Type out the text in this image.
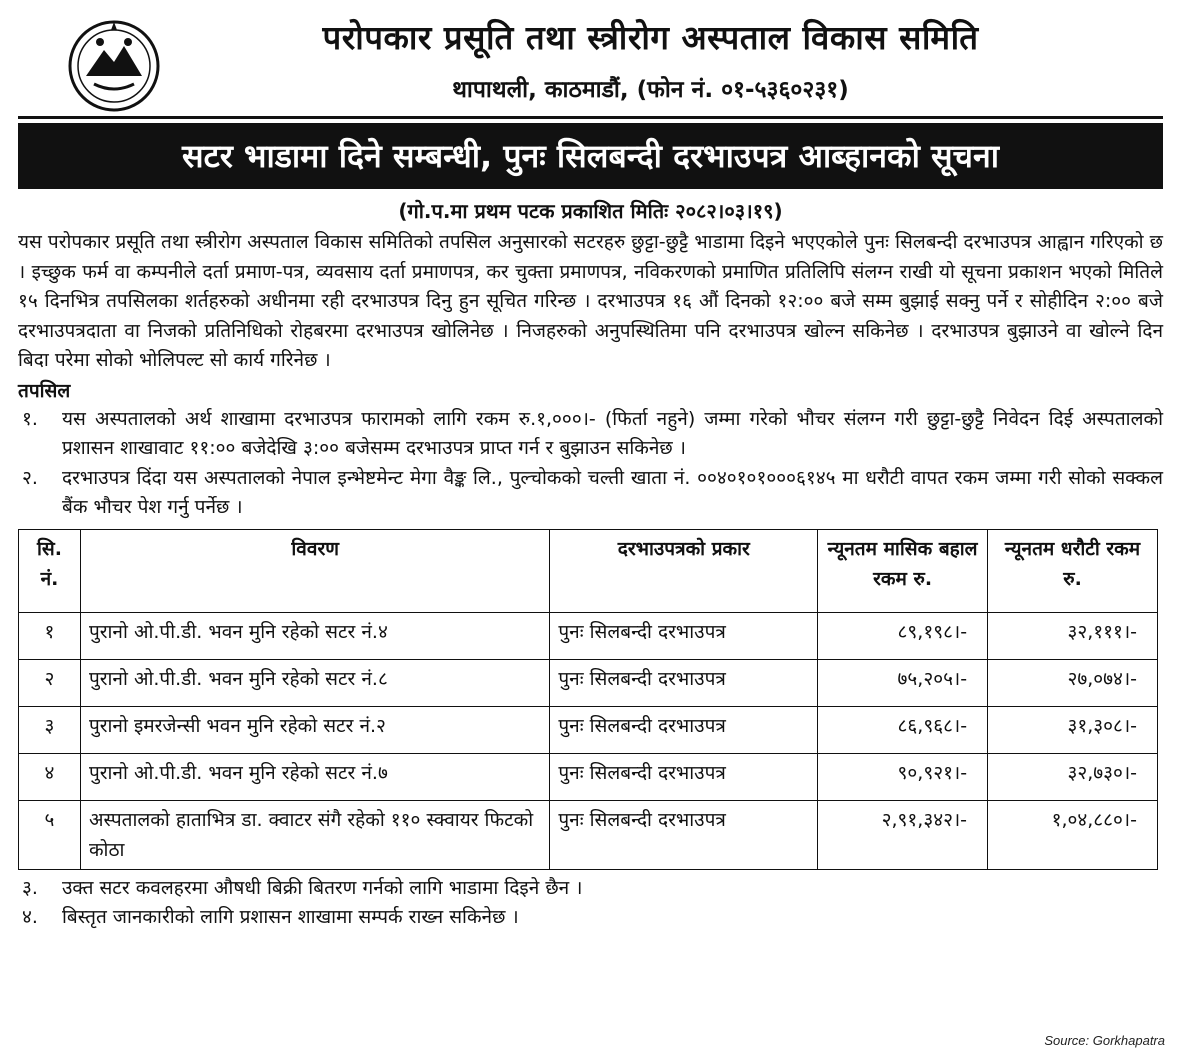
परोपकार प्रसूति तथा स्त्रीरोग अस्पताल विकास समिति
थापाथली, काठमाडौं, (फोन नं. ०१-५३६०२३१)
सटर भाडामा दिने सम्बन्धी, पुनः सिलबन्दी दरभाउपत्र आब्हानको सूचना
(गो.प.मा प्रथम पटक प्रकाशित मितिः २०८२।०३।१९)
यस परोपकार प्रसूति तथा स्त्रीरोग अस्पताल विकास समितिको तपसिल अनुसारको सटरहरु छुट्टा-छुट्टै भाडामा दिइने भएएकोले पुनः सिलबन्दी दरभाउपत्र आह्वान गरिएको छ । इच्छुक फर्म वा कम्पनीले दर्ता प्रमाण-पत्र, व्यवसाय दर्ता प्रमाणपत्र, कर चुक्ता प्रमाणपत्र, नविकरणको प्रमाणित प्रतिलिपि संलग्न राखी यो सूचना प्रकाशन भएको मितिले १५ दिनभित्र तपसिलका शर्तहरुको अधीनमा रही दरभाउपत्र दिनु हुन सूचित गरिन्छ । दरभाउपत्र १६ औं दिनको १२:०० बजे सम्म बुझाई सक्नु पर्ने र सोहीदिन २:०० बजे दरभाउपत्रदाता वा निजको प्रतिनिधिको रोहबरमा दरभाउपत्र खोलिनेछ । निजहरुको अनुपस्थितिमा पनि दरभाउपत्र खोल्न सकिनेछ । दरभाउपत्र बुझाउने वा खोल्ने दिन बिदा परेमा सोको भोलिपल्ट सो कार्य गरिनेछ ।
तपसिल
१.	यस अस्पतालको अर्थ शाखामा दरभाउपत्र फारामको लागि रकम रु.१,०००।- (फिर्ता नहुने) जम्मा गरेको भौचर संलग्न गरी छुट्टा-छुट्टै निवेदन दिई अस्पतालको प्रशासन शाखावाट ११:०० बजेदेखि ३:०० बजेसम्म दरभाउपत्र प्राप्त गर्न र बुझाउन सकिनेछ ।
२.	दरभाउपत्र दिंदा यस अस्पतालको नेपाल इन्भेष्टमेन्ट मेगा वैङ्क लि., पुल्चोकको चल्ती खाता नं. ००४०१०१०००६१४५ मा धरौटी वापत रकम जम्मा गरी सोको सक्कल बैंक भौचर पेश गर्नु पर्नेछ ।
सि. नं.	विवरण	दरभाउपत्रको प्रकार	न्यूनतम मासिक बहाल रकम रु.	न्यूनतम धरौटी रकम रु.
१	पुरानो ओ.पी.डी. भवन मुनि रहेको सटर नं.४	पुनः सिलबन्दी दरभाउपत्र	८९,१९८।-	३२,१११।-
२	पुरानो ओ.पी.डी. भवन मुनि रहेको सटर नं.८	पुनः सिलबन्दी दरभाउपत्र	७५,२०५।-	२७,०७४।-
३	पुरानो इमरजेन्सी भवन मुनि रहेको सटर नं.२	पुनः सिलबन्दी दरभाउपत्र	८६,९६८।-	३१,३०८।-
४	पुरानो ओ.पी.डी. भवन मुनि रहेको सटर नं.७	पुनः सिलबन्दी दरभाउपत्र	९०,९२१।-	३२,७३०।-
५	अस्पतालको हाताभित्र डा. क्वाटर संगै रहेको ११० स्क्वायर फिटको कोठा	पुनः सिलबन्दी दरभाउपत्र	२,९१,३४२।-	१,०४,८८०।-
३.	उक्त सटर कवलहरमा औषधी बिक्री बितरण गर्नको लागि भाडामा दिइने छैन ।
४.	बिस्तृत जानकारीको लागि प्रशासन शाखामा सम्पर्क राख्न सकिनेछ ।
Source: Gorkhapatra
